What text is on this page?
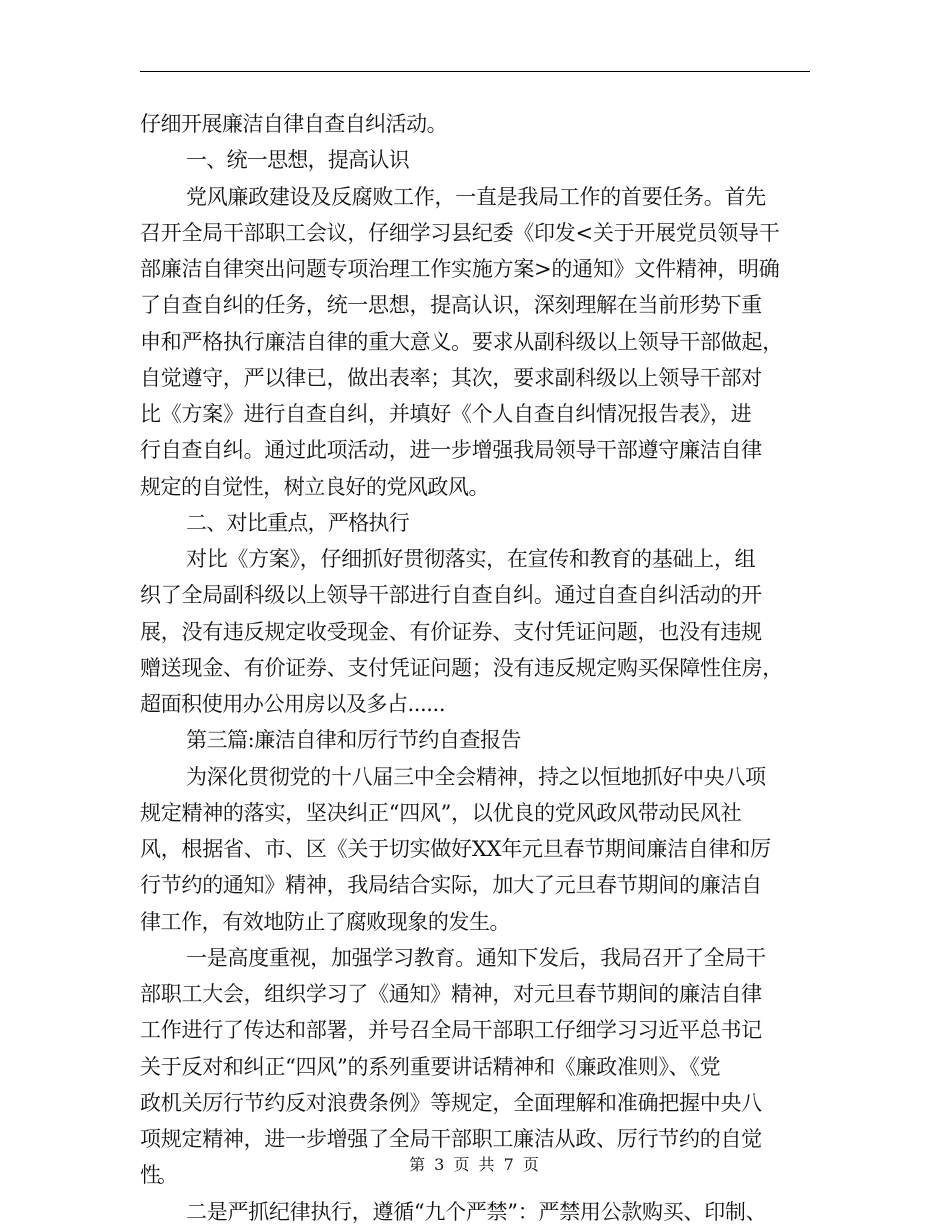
仔细开展廉洁自律自查自纠活动。
一、统一思想，提高认识
党风廉政建设及反腐败工作，一直是我局工作的首要任务。首先
召开全局干部职工会议，仔细学习县纪委《印发<关于开展党员领导干
部廉洁自律突出问题专项治理工作实施方案>的通知》文件精神，明确
了自查自纠的任务，统一思想，提高认识，深刻理解在当前形势下重
申和严格执行廉洁自律的重大意义。要求从副科级以上领导干部做起，
自觉遵守，严以律已，做出表率；其次，要求副科级以上领导干部对
比《方案》进行自查自纠，并填好《个人自查自纠情况报告表》，进
行自查自纠。通过此项活动，进一步增强我局领导干部遵守廉洁自律
规定的自觉性，树立良好的党风政风。
二、对比重点，严格执行
对比《方案》，仔细抓好贯彻落实，在宣传和教育的基础上，组
织了全局副科级以上领导干部进行自查自纠。通过自查自纠活动的开
展，没有违反规定收受现金、有价证券、支付凭证问题，也没有违规
赠送现金、有价证券、支付凭证问题；没有违反规定购买保障性住房，
超面积使用办公用房以及多占......
第三篇:廉洁自律和厉行节约自查报告
为深化贯彻党的十八届三中全会精神，持之以恒地抓好中央八项
规定精神的落实，坚决纠正“四风”，以优良的党风政风带动民风社
风，根据省、市、区《关于切实做好XX年元旦春节期间廉洁自律和厉
行节约的通知》精神，我局结合实际，加大了元旦春节期间的廉洁自
律工作，有效地防止了腐败现象的发生。
一是高度重视，加强学习教育。通知下发后，我局召开了全局干
部职工大会，组织学习了《通知》精神，对元旦春节期间的廉洁自律
工作进行了传达和部署，并号召全局干部职工仔细学习习近平总书记
关于反对和纠正“四风”的系列重要讲话精神和《廉政准则》、《党
政机关厉行节约反对浪费条例》等规定，全面理解和准确把握中央八
项规定精神，进一步增强了全局干部职工廉洁从政、厉行节约的自觉
性。
二是严抓纪律执行，遵循“九个严禁”：严禁用公款购买、印制、
第 3 页 共 7 页
